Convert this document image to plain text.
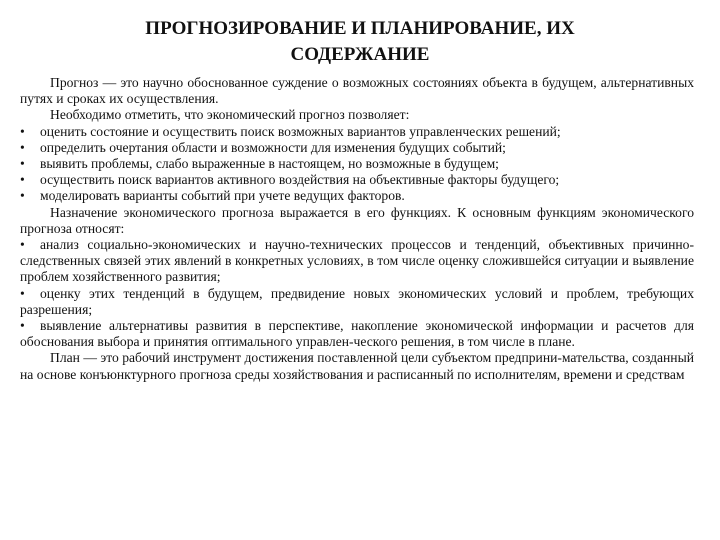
ПРОГНОЗИРОВАНИЕ И ПЛАНИРОВАНИЕ, ИХ
СОДЕРЖАНИЕ

Прогноз — это научно обоснованное суждение о возможных состояниях объекта в будущем, альтернативных путях и сроках их осуществления.

Необходимо отметить, что экономический прогноз позволяет:

• оценить состояние и осуществить поиск возможных вариантов управленческих решений;

• определить очертания области и возможности для изменения будущих событий;

• выявить проблемы, слабо выраженные в настоящем, но возможные в будущем;

• осуществить поиск вариантов активного воздействия на объективные факторы будущего;

• моделировать варианты событий при учете ведущих факторов.

Назначение экономического прогноза выражается в его функциях. К основным функциям экономического прогноза относят:

• анализ социально-экономических и научно-технических процессов и тенденций, объективных причинно-следственных связей этих явлений в конкретных условиях, в том числе оценку сложившейся ситуации и выявление проблем хозяйственного развития;

• оценку этих тенденций в будущем, предвидение новых экономических условий и проблем, требующих разрешения;

• выявление альтернативы развития в перспективе, накопление экономической информации и расчетов для обоснования выбора и принятия оптимального управлен-ческого решения, в том числе в плане.

План — это рабочий инструмент достижения поставленной цели субъектом предприни-мательства, созданный на основе конъюнктурного прогноза среды хозяйствования и расписанный по исполнителям, времени и средствам
